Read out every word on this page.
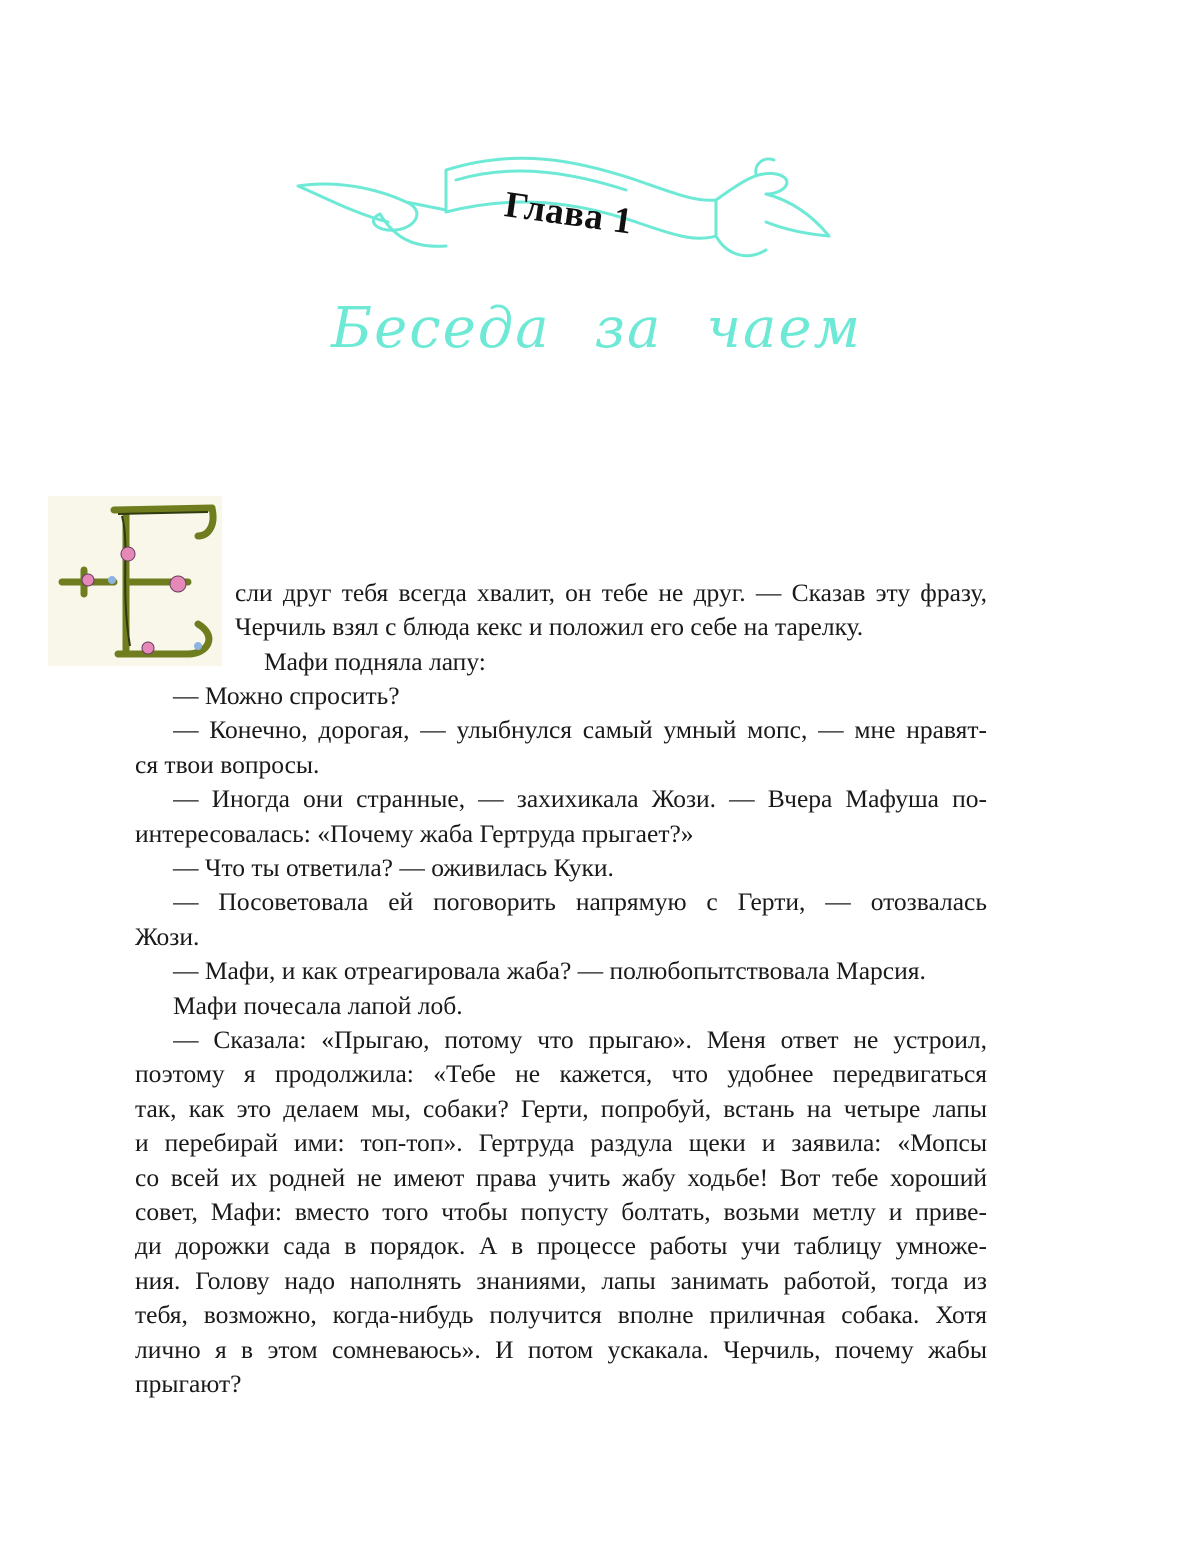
Глава 1
Беседа за чаем
сли друг тебя всегда хвалит, он тебе не друг. — Сказав эту фразу,
Черчиль взял с блюда кекс и положил его себе на тарелку.
Мафи подняла лапу:
— Можно спросить?
— Конечно, дорогая, — улыбнулся самый умный мопс, — мне нравят-
ся твои вопросы.
— Иногда они странные, — захихикала Жози. — Вчера Мафуша по-
интересовалась: «Почему жаба Гертруда прыгает?»
— Что ты ответила? — оживилась Куки.
— Посоветовала ей поговорить напрямую с Герти, — отозвалась
Жози.
— Мафи, и как отреагировала жаба? — полюбопытствовала Марсия.
Мафи почесала лапой лоб.
— Сказала: «Прыгаю, потому что прыгаю». Меня ответ не устроил,
поэтому я продолжила: «Тебе не кажется, что удобнее передвигаться
так, как это делаем мы, собаки? Герти, попробуй, встань на четыре лапы
и перебирай ими: топ-топ». Гертруда раздула щеки и заявила: «Мопсы
со всей их родней не имеют права учить жабу ходьбе! Вот тебе хороший
совет, Мафи: вместо того чтобы попусту болтать, возьми метлу и приве-
ди дорожки сада в порядок. А в процессе работы учи таблицу умноже-
ния. Голову надо наполнять знаниями, лапы занимать работой, тогда из
тебя, возможно, когда-нибудь получится вполне приличная собака. Хотя
лично я в этом сомневаюсь». И потом ускакала. Черчиль, почему жабы
прыгают?
